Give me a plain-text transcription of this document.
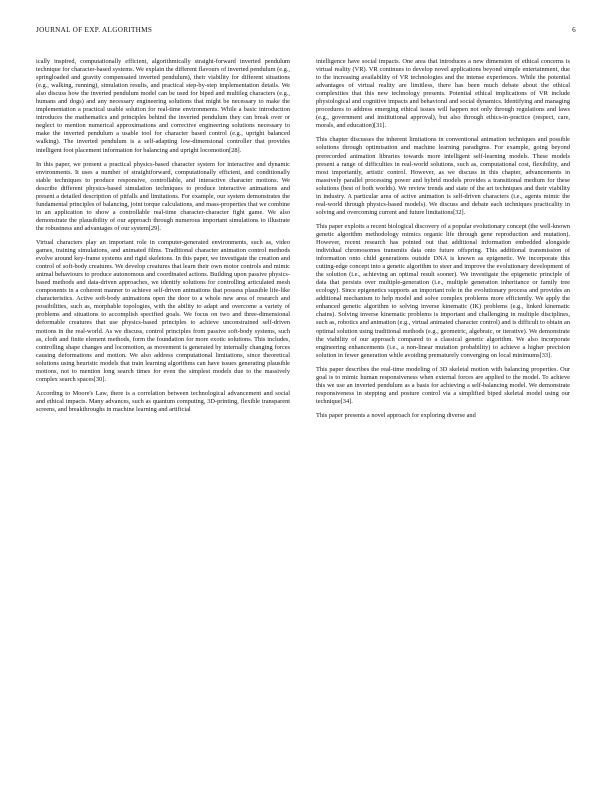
JOURNAL OF EXP. ALGORITHMS	6

ically inspired, computationally efficient, algorithmically straight-forward inverted pendulum technique for character-based systems. We explain the different flavours of inverted pendulum (e.g., springloaded and gravity compensated inverted pendulum), their viability for different situations (e.g., walking, running), simulation results, and practical step-by-step implementation details. We also discuss how the inverted pendulum model can be used for biped and multileg characters (e.g., humans and dogs) and any necessary engineering solutions that might be necessary to make the implementation a practical usable solution for real-time environments. While a basic introduction introduces the mathematics and principles behind the inverted pendulum they can break over or neglect to mention numerical approximations and corrective engineering solutions necessary to make the inverted pendulum a usable tool for character based control (e.g., upright balanced walking). The inverted pendulum is a self-adapting low-dimensional controller that provides intelligent foot placement information for balancing and upright locomotion[28].

In this paper, we present a practical physics-based character system for interactive and dynamic environments. It uses a number of straightforward, computationally efficient, and conditionally stable techniques to produce responsive, controllable, and interactive character motions. We describe different physics-based simulation techniques to produce interactive animations and present a detailed description of pitfalls and limitations. For example, our system demonstrates the fundamental principles of balancing, joint torque calculations, and mass-properties that we combine in an application to show a controllable real-time character-character fight game. We also demonstrate the plausibility of our approach through numerous important simulations to illustrate the robustness and advantages of our system[29].

Virtual characters play an important role in computer-generated environments, such as, video games, training simulations, and animated films. Traditional character animation control methods evolve around key-frame systems and rigid skeletons. In this paper, we investigate the creation and control of soft-body creatures. We develop creatures that learn their own motor controls and mimic animal behaviours to produce autonomous and coordinated actions. Building upon passive physics-based methods and data-driven approaches, we identify solutions for controlling articulated mesh components in a coherent manner to achieve self-driven animations that possess plausible life-like characteristics. Active soft-body animations open the door to a whole new area of research and possibilities, such as, morphable topologies, with the ability to adapt and overcome a variety of problems and situations to accomplish specified goals. We focus on two and three-dimensional deformable creatures that use physics-based principles to achieve unconstrained self-driven motions in the real-world. As we discuss, control principles from passive soft-body systems, such as, cloth and finite element methods, form the foundation for more exotic solutions. This includes, controlling shape changes and locomotion, as movement is generated by internally changing forces causing deformations and motion. We also address computational limitations, since theoretical solutions using heuristic models that train learning algorithms can have issues generating plausible motions, not to mention long search times for even the simplest models due to the massively complex search spaces[30].

According to Moore's Law, there is a correlation between technological advancement and social and ethical impacts. Many advances, such as quantum computing, 3D-printing, flexible transparent screens, and breakthroughs in machine learning and artificial

intelligence have social impacts. One area that introduces a new dimension of ethical concerns is virtual reality (VR). VR continues to develop novel applications beyond simple entertainment, due to the increasing availability of VR technologies and the intense experiences. While the potential advantages of virtual reality are limitless, there has been much debate about the ethical complexities that this new technology presents. Potential ethical implications of VR include physiological and cognitive impacts and behavioral and social dynamics. Identifying and managing procedures to address emerging ethical issues will happen not only through regulations and laws (e.g., government and institutional approval), but also through ethics-in-practice (respect, care, morals, and education)[31].

This chapter discusses the inherent limitations in conventional animation techniques and possible solutions through optimisation and machine learning paradigms. For example, going beyond prerecorded animation libraries towards more intelligent self-learning models. These models present a range of difficulties in real-world solutions, such as, computational cost, flexibility, and most importantly, artistic control. However, as we discuss in this chapter, advancements in massively parallel processing power and hybrid models provides a transitional medium for these solutions (best of both worlds). We review trends and state of the art techniques and their viability in industry. A particular area of active animation is self-driven characters (i.e., agents mimic the real-world through physics-based models). We discuss and debate each techniques practicality in solving and overcoming current and future limitations[32].

This paper exploits a recent biological discovery of a popular evolutionary concept (the well-known genetic algorithm methodology mimics organic life through gene reproduction and mutation). However, recent research has pointed out that additional information embedded alongside individual chromosomes transmits data onto future offspring. This additional transmission of information onto child generations outside DNA is known as epigenetic. We incorporate this cutting-edge concept into a genetic algorithm to steer and improve the evolutionary development of the solution (i.e., achieving an optimal result sooner). We investigate the epigenetic principle of data that persists over multiple-generation (i.e., multiple generation inheritance or family tree ecology). Since epigenetics supports an important role in the evolutionary process and provides an additional mechanism to help model and solve complex problems more efficiently. We apply the enhanced genetic algorithm to solving inverse kinematic (IK) problems (e.g., linked kinematic chains). Solving inverse kinematic problems is important and challenging in multiple disciplines, such as, robotics and animation (e.g., virtual animated character control) and is difficult to obtain an optimal solution using traditional methods (e.g., geometric, algebraic, or iterative). We demonstrate the viability of our approach compared to a classical genetic algorithm. We also incorporate engineering enhancements (i.e., a non-linear mutation probability) to achieve a higher precision solution in fewer generation while avoiding prematurely converging on local minimums[33].

This paper describes the real-time modeling of 3D skeletal motion with balancing properties. Our goal is to mimic human responsiveness when external forces are applied to the model. To achieve this we use an inverted pendulum as a basis for achieving a self-balancing model. We demonstrate responsiveness in stepping and posture control via a simplified biped skeletal model using our technique[34].

This paper presents a novel approach for exploring diverse and
